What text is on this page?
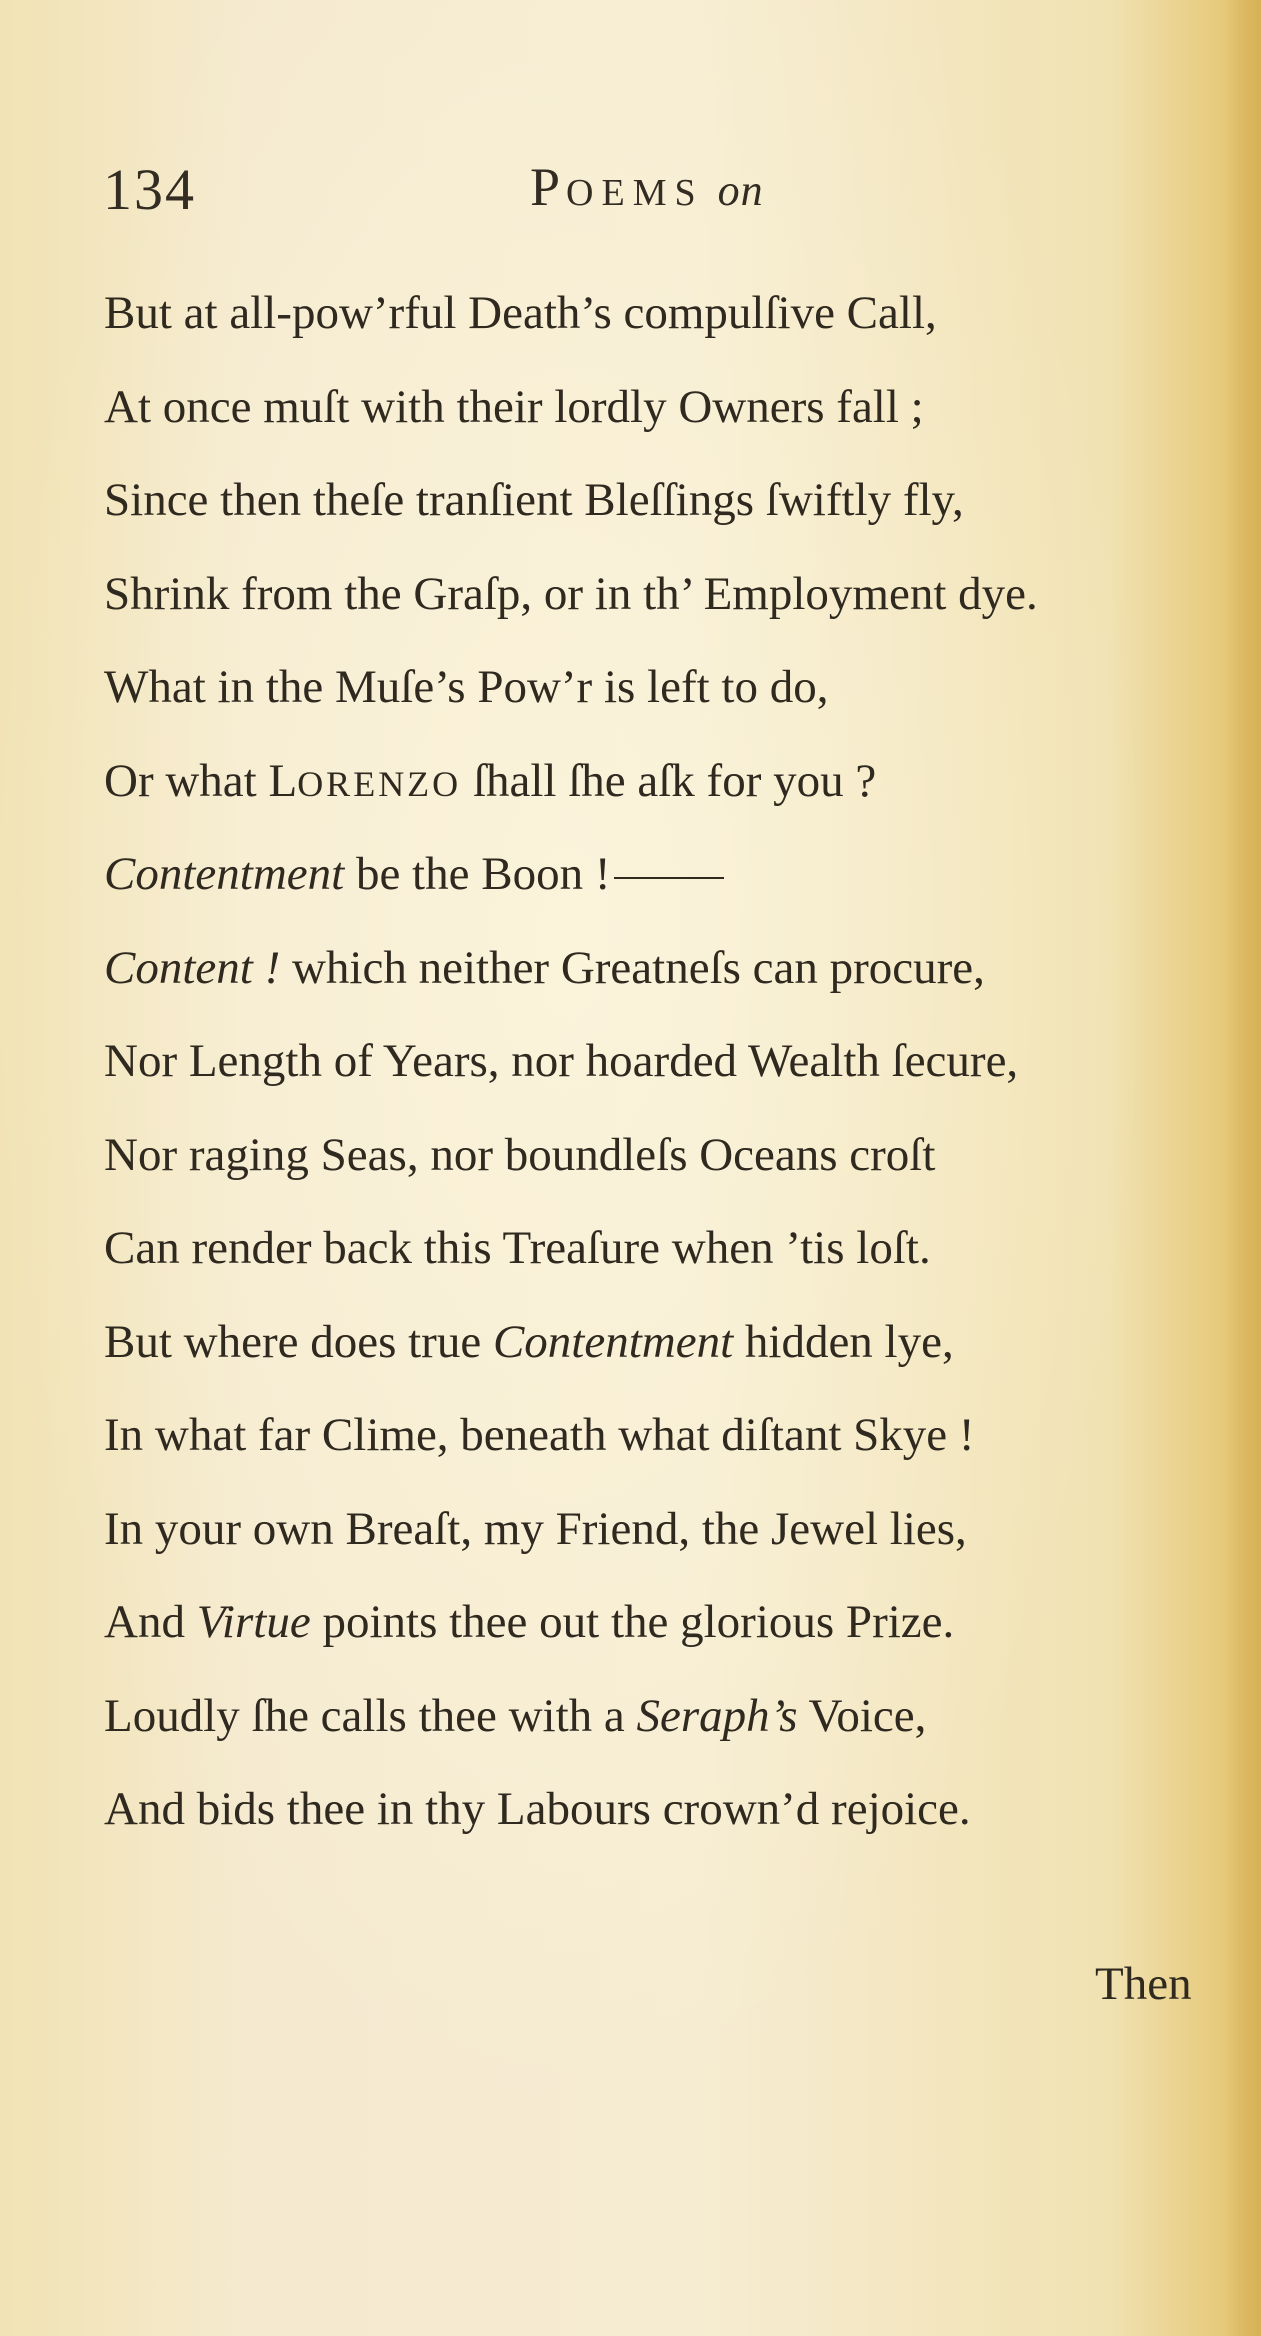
134	POEMS on
But at all-pow’rful Death’s compulſive Call,
At once muſt with their lordly Owners fall ;
Since then theſe tranſient Bleſſings ſwiftly fly,
Shrink from the Graſp, or in th’ Employment dye.
What in the Muſe’s Pow’r is left to do,
Or what LORENZO ſhall ſhe aſk for you ?
Contentment be the Boon !
Content ! which neither Greatneſs can procure,
Nor Length of Years, nor hoarded Wealth ſecure,
Nor raging Seas, nor boundleſs Oceans croſt
Can render back this Treaſure when ’tis loſt.
But where does true Contentment hidden lye,
In what far Clime, beneath what diſtant Skye !
In your own Breaſt, my Friend, the Jewel lies,
And Virtue points thee out the glorious Prize.
Loudly ſhe calls thee with a Seraph’s Voice,
And bids thee in thy Labours crown’d rejoice.
Then
